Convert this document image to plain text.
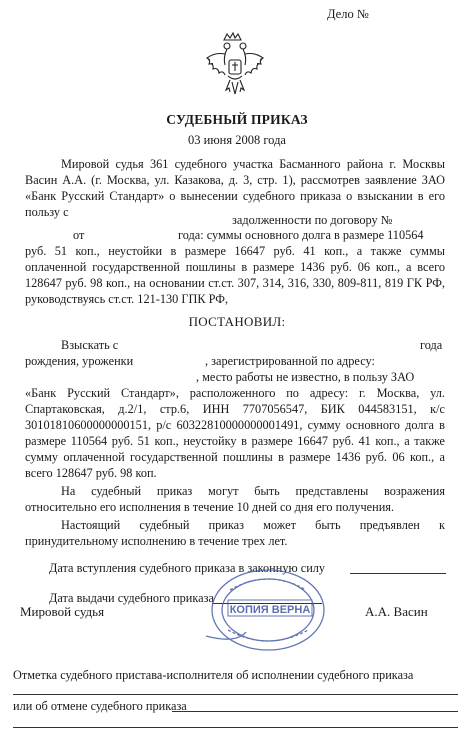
Дело №
СУДЕБНЫЙ ПРИКАЗ
03 июня 2008 года
Мировой судья 361 судебного участка Басманного района г. Москвы
Васин А.А. (г. Москва, ул. Казакова, д. 3, стр. 1), рассмотрев заявление ЗАО
«Банк Русский Стандарт» о вынесении судебного приказа о взыскании в его
пользу с
задолженности по договору №
от	года: суммы основного долга в размере 110564
руб. 51 коп., неустойки в размере 16647 руб. 41 коп., а также суммы
оплаченной государственной пошлины в размере 1436 руб. 06 коп., а всего
128647 руб. 98 коп., на основании ст.ст. 307, 314, 316, 330, 809-811, 819 ГК РФ,
руководствуясь ст.ст. 121-130 ГПК РФ,
ПОСТАНОВИЛ:
Взыскать с	года
рождения, уроженки	, зарегистрированной по адресу:
, место работы не известно, в пользу ЗАО
«Банк Русский Стандарт», расположенного по адресу: г. Москва, ул.
Спартаковская, д.2/1, стр.6, ИНН 7707056547, БИК 044583151, к/с
30101810600000000151, р/с 60322810000000001491, сумму основного долга в
размере 110564 руб. 51 коп., неустойку в размере 16647 руб. 41 коп., а также
сумму оплаченной государственной пошлины в размере 1436 руб. 06 коп., а
всего 128647 руб. 98 коп.
На судебный приказ могут быть представлены возражения
относительно его исполнения в течение 10 дней со дня его получения.
Настоящий судебный приказ может быть предъявлен к
принудительному исполнению в течение трех лет.
Дата вступления судебного приказа в законную силу
Дата выдачи судебного приказа
КОПИЯ ВЕРНА
Мировой судья	А.А. Васин
Отметка судебного пристава-исполнителя об исполнении судебного приказа
или об отмене судебного приказа
